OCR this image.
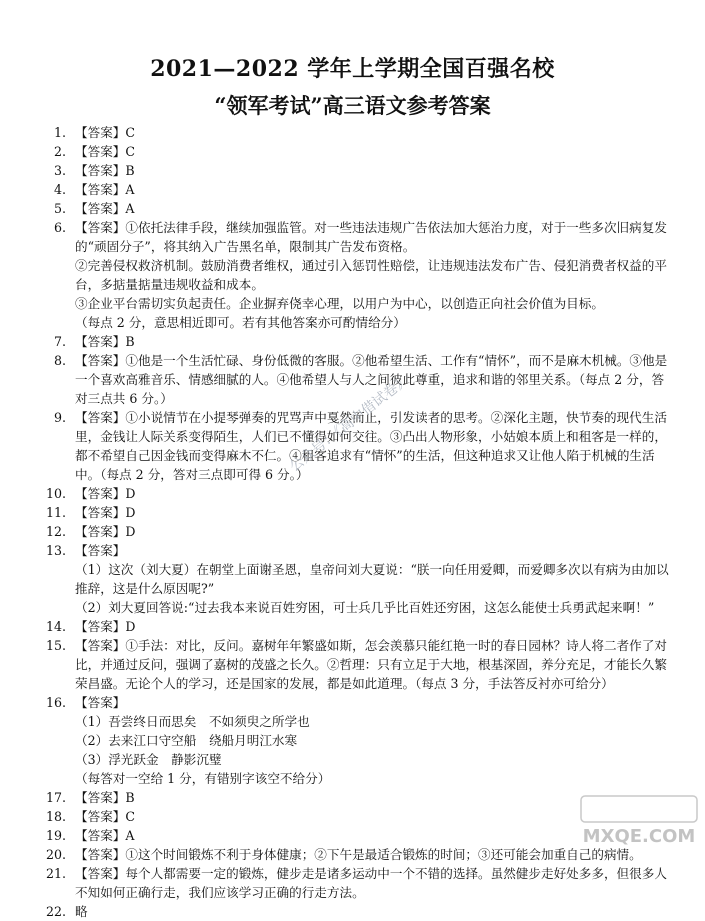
2021—2022 学年上学期全国百强名校
“领军考试”高三语文参考答案
1. 【答案】C
2. 【答案】C
3. 【答案】B
4. 【答案】A
5. 【答案】A
6. 【答案】①依托法律手段，继续加强监管。对一些违法违规广告依法加大惩治力度，对于一些多次旧病复发的“顽固分子”，将其纳入广告黑名单，限制其广告发布资格。
②完善侵权救济机制。鼓励消费者维权，通过引入惩罚性赔偿，让违规违法发布广告、侵犯消费者权益的平台，多掂量掂量违规收益和成本。
③企业平台需切实负起责任。企业摒弃侥幸心理，以用户为中心，以创造正向社会价值为目标。
（每点 2 分，意思相近即可。若有其他答案亦可酌情给分）
7. 【答案】B
8. 【答案】①他是一个生活忙碌、身份低微的客服。②他希望生活、工作有“情怀”，而不是麻木机械。③他是一个喜欢高雅音乐、情感细腻的人。④他希望人与人之间彼此尊重，追求和谐的邻里关系。（每点 2 分，答对三点共 6 分。）
9. 【答案】①小说情节在小提琴弹奏的咒骂声中戛然而止，引发读者的思考。②深化主题，快节奏的现代生活里，金钱让人际关系变得陌生，人们已不懂得如何交往。③凸出人物形象，小姑娘本质上和租客是一样的，都不希望自己因金钱而变得麻木不仁。④租客追求有“情怀”的生活，但这种追求又让他人陷于机械的生活中。（每点 2 分，答对三点即可得 6 分。）
10. 【答案】D
11. 【答案】D
12. 【答案】D
13. 【答案】
（1）这次（刘大夏）在朝堂上面谢圣恩，皇帝问刘大夏说：“朕一向任用爱卿，而爱卿多次以有病为由加以推辞，这是什么原因呢?”
（2）刘大夏回答说:“过去我本来说百姓穷困，可士兵几乎比百姓还穷困，这怎么能使士兵勇武起来啊！”
14. 【答案】D
15. 【答案】①手法：对比，反问。嘉树年年繁盛如斯，怎会羡慕只能红艳一时的春日园林？诗人将二者作了对比，并通过反问，强调了嘉树的茂盛之长久。②哲理：只有立足于大地，根基深固，养分充足，才能长久繁荣昌盛。无论个人的学习，还是国家的发展，都是如此道理。（每点 3 分，手法答反衬亦可给分）
16. 【答案】
（1）吾尝终日而思矣　不如须臾之所学也
（2）去来江口守空船　绕船月明江水寒
（3）浮光跃金　静影沉璧
（每答对一空给 1 分，有错别字该空不给分）
17. 【答案】B
18. 【答案】C
19. 【答案】A
20. 【答案】①这个时间锻炼不利于身体健康；②下午是最适合锻炼的时间；③还可能会加重自己的病情。
21. 【答案】每个人都需要一定的锻炼，健步走是诸多运动中一个不错的选择。虽然健步走好处多多，但很多人不知如何正确行走，我们应该学习正确的行走方法。
22. 略
公众号：《高中借试卷》
MXQE.COM
